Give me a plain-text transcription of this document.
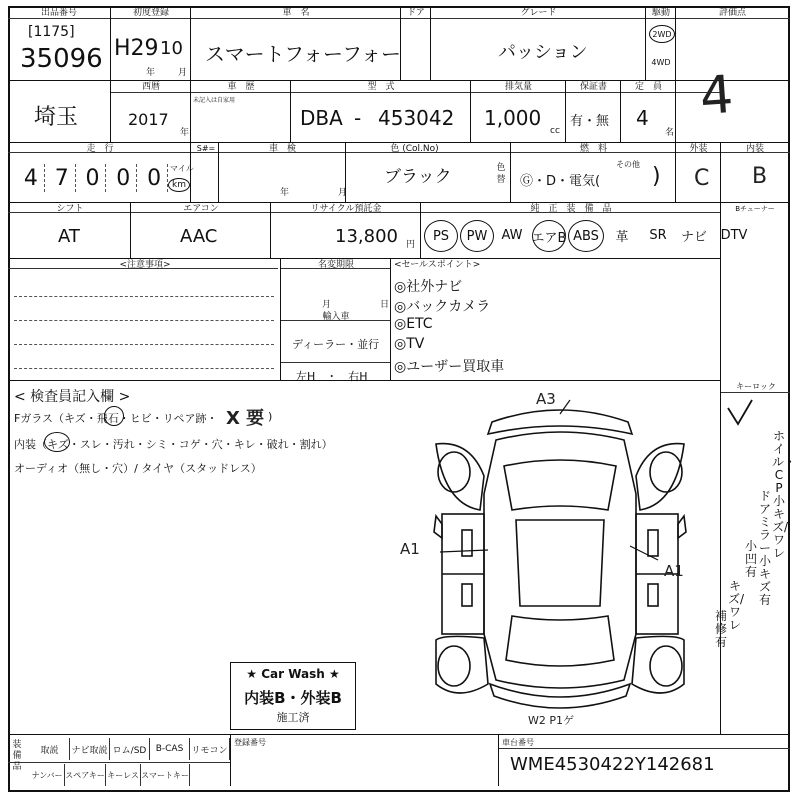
出品番号
[1175]
35096
初度登録
H29 10
年	月
車　名
スマートフォーフォー
ドア	グレード
パッション
駆動
2WD
4WD
評価点
4
埼玉
西暦
2017
年
車　歴
未記入は自家用
型　式
DBA - 453042
排気量
1,000
cc
保証書
有・無
定　員
4
名
走　行
4 7 0 0 0	マイル
km
S#=	車　検
年	月
色 (Col.No)
ブラック	色替
燃　料
Ⓖ・D・電気(
その他 )
外装	内装
C B
シフト
AT
エアコン
AAC
リサイクル預託金
13,800 円
純　正　装　備　品	Bチューナー
PS	PW	AW エアB ABS	革	SR	ナビ	DTV
<注意事項>	名変期限
月	日
輸入車
ディーラー・並行
左H　・　右H
<セールスポイント>
◎社外ナビ
◎バックカメラ
◎ETC
◎TV
◎ユーザー買取車
< 検査員記入欄 >
Fガラス（キズ・飛石・ヒビ・リペア跡・ X 要 )
内装（キズ・スレ・汚れ・シミ・コゲ・穴・キレ・破れ・割れ）
オーディオ（無し・穴）/ タイヤ（スタッドレス）
★ Car Wash ★
内装B・外装B
施工済
A3
A1
A1
W2 P1ゲ
キーロック
ホイル・CP小キズ/ワレ
ドアミラー小キズ有
小凹有
キズ/ワレ
補修有
装備品
取説	ナビ取説 ロム/SD	B-CAS リモコン
ナンバー スペアキー キーレス スマートキー
登録番号	車台番号
WME4530422Y142681
